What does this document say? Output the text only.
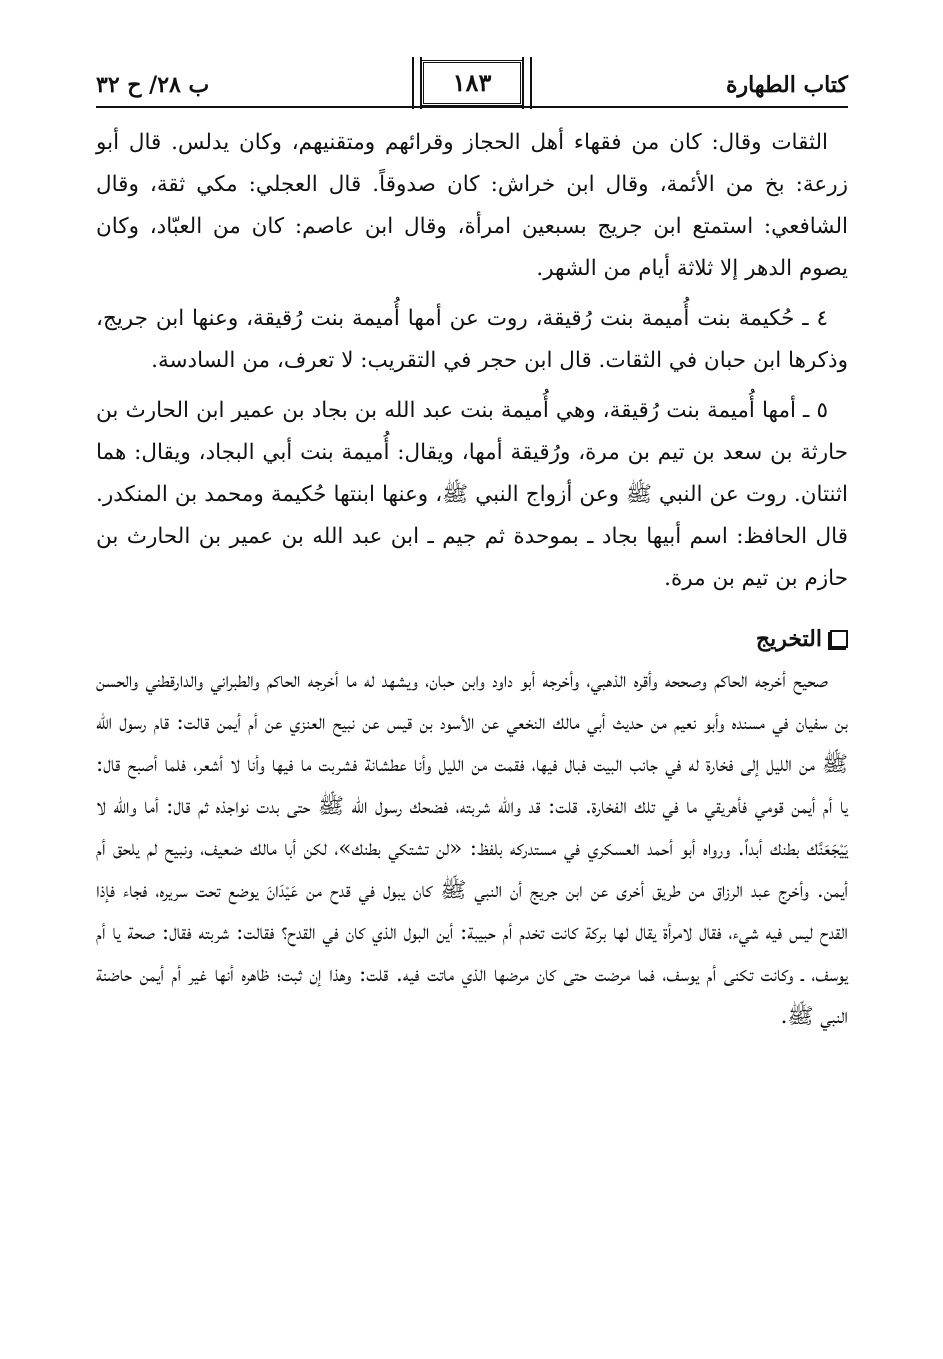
كتاب الطهارة
١٨٣
ب ٢٨/ ح ٣٢

الثقات وقال: كان من فقهاء أهل الحجاز وقرائهم ومتقنيهم، وكان يدلس. قال أبو زرعة: بخ من الأئمة، وقال ابن خراش: كان صدوقاً. قال العجلي: مكي ثقة، وقال الشافعي: استمتع ابن جريج بسبعين امرأة، وقال ابن عاصم: كان من العبّاد، وكان يصوم الدهر إلا ثلاثة أيام من الشهر.

٤ ـ حُكيمة بنت أُميمة بنت رُقيقة، روت عن أمها أُميمة بنت رُقيقة، وعنها ابن جريج، وذكرها ابن حبان في الثقات. قال ابن حجر في التقريب: لا تعرف، من السادسة.

٥ ـ أمها أُميمة بنت رُقيقة، وهي أُميمة بنت عبد الله بن بجاد بن عمير ابن الحارث بن حارثة بن سعد بن تيم بن مرة، ورُقيقة أمها، ويقال: أُميمة بنت أبي البجاد، ويقال: هما اثنتان. روت عن النبي ﷺ وعن أزواج النبي ﷺ، وعنها ابنتها حُكيمة ومحمد بن المنكدر. قال الحافظ: اسم أبيها بجاد ـ بموحدة ثم جيم ـ ابن عبد الله بن عمير بن الحارث بن حازم بن تيم بن مرة.

التخريج

صحيح أخرجه الحاكم وصححه وأقره الذهبي، وأخرجه أبو داود وابن حبان، ويشهد له ما أخرجه الحاكم والطبراني والدارقطني والحسن بن سفيان في مسنده وأبو نعيم من حديث أبي مالك النخعي عن الأسود بن قيس عن نبيح العنزي عن أم أيمن قالت: قام رسول الله ﷺ من الليل إلى فخارة له في جانب البيت فبال فيها، فقمت من الليل وأنا عطشانة فشربت ما فيها وأنا لا أشعر، فلما أصبح قال: يا أم أيمن قومي فأهريقي ما في تلك الفخارة. قلت: قد والله شربته، فضحك رسول الله ﷺ حتى بدت نواجذه ثم قال: أما والله لا يَيْجَعَنَّك بطنك أبداً. ورواه أبو أحمد العسكري في مستدركه بلفظ: «لن تشتكي بطنك»، لكن أبا مالك ضعيف، ونبيح لم يلحق أم أيمن. وأخرج عبد الرزاق من طريق أخرى عن ابن جريج أن النبي ﷺ كان يبول في قدح من عَيْدَانَ يوضع تحت سريره، فجاء فإذا القدح ليس فيه شيء، فقال لامرأة يقال لها بركة كانت تخدم أم حبيبة: أين البول الذي كان في القدح؟ فقالت: شربته فقال: صحة يا أم يوسف، ـ وكانت تكنى أم يوسف، فما مرضت حتى كان مرضها الذي ماتت فيه. قلت: وهذا إن ثبت؛ ظاهره أنها غير أم أيمن حاضنة النبي ﷺ.
